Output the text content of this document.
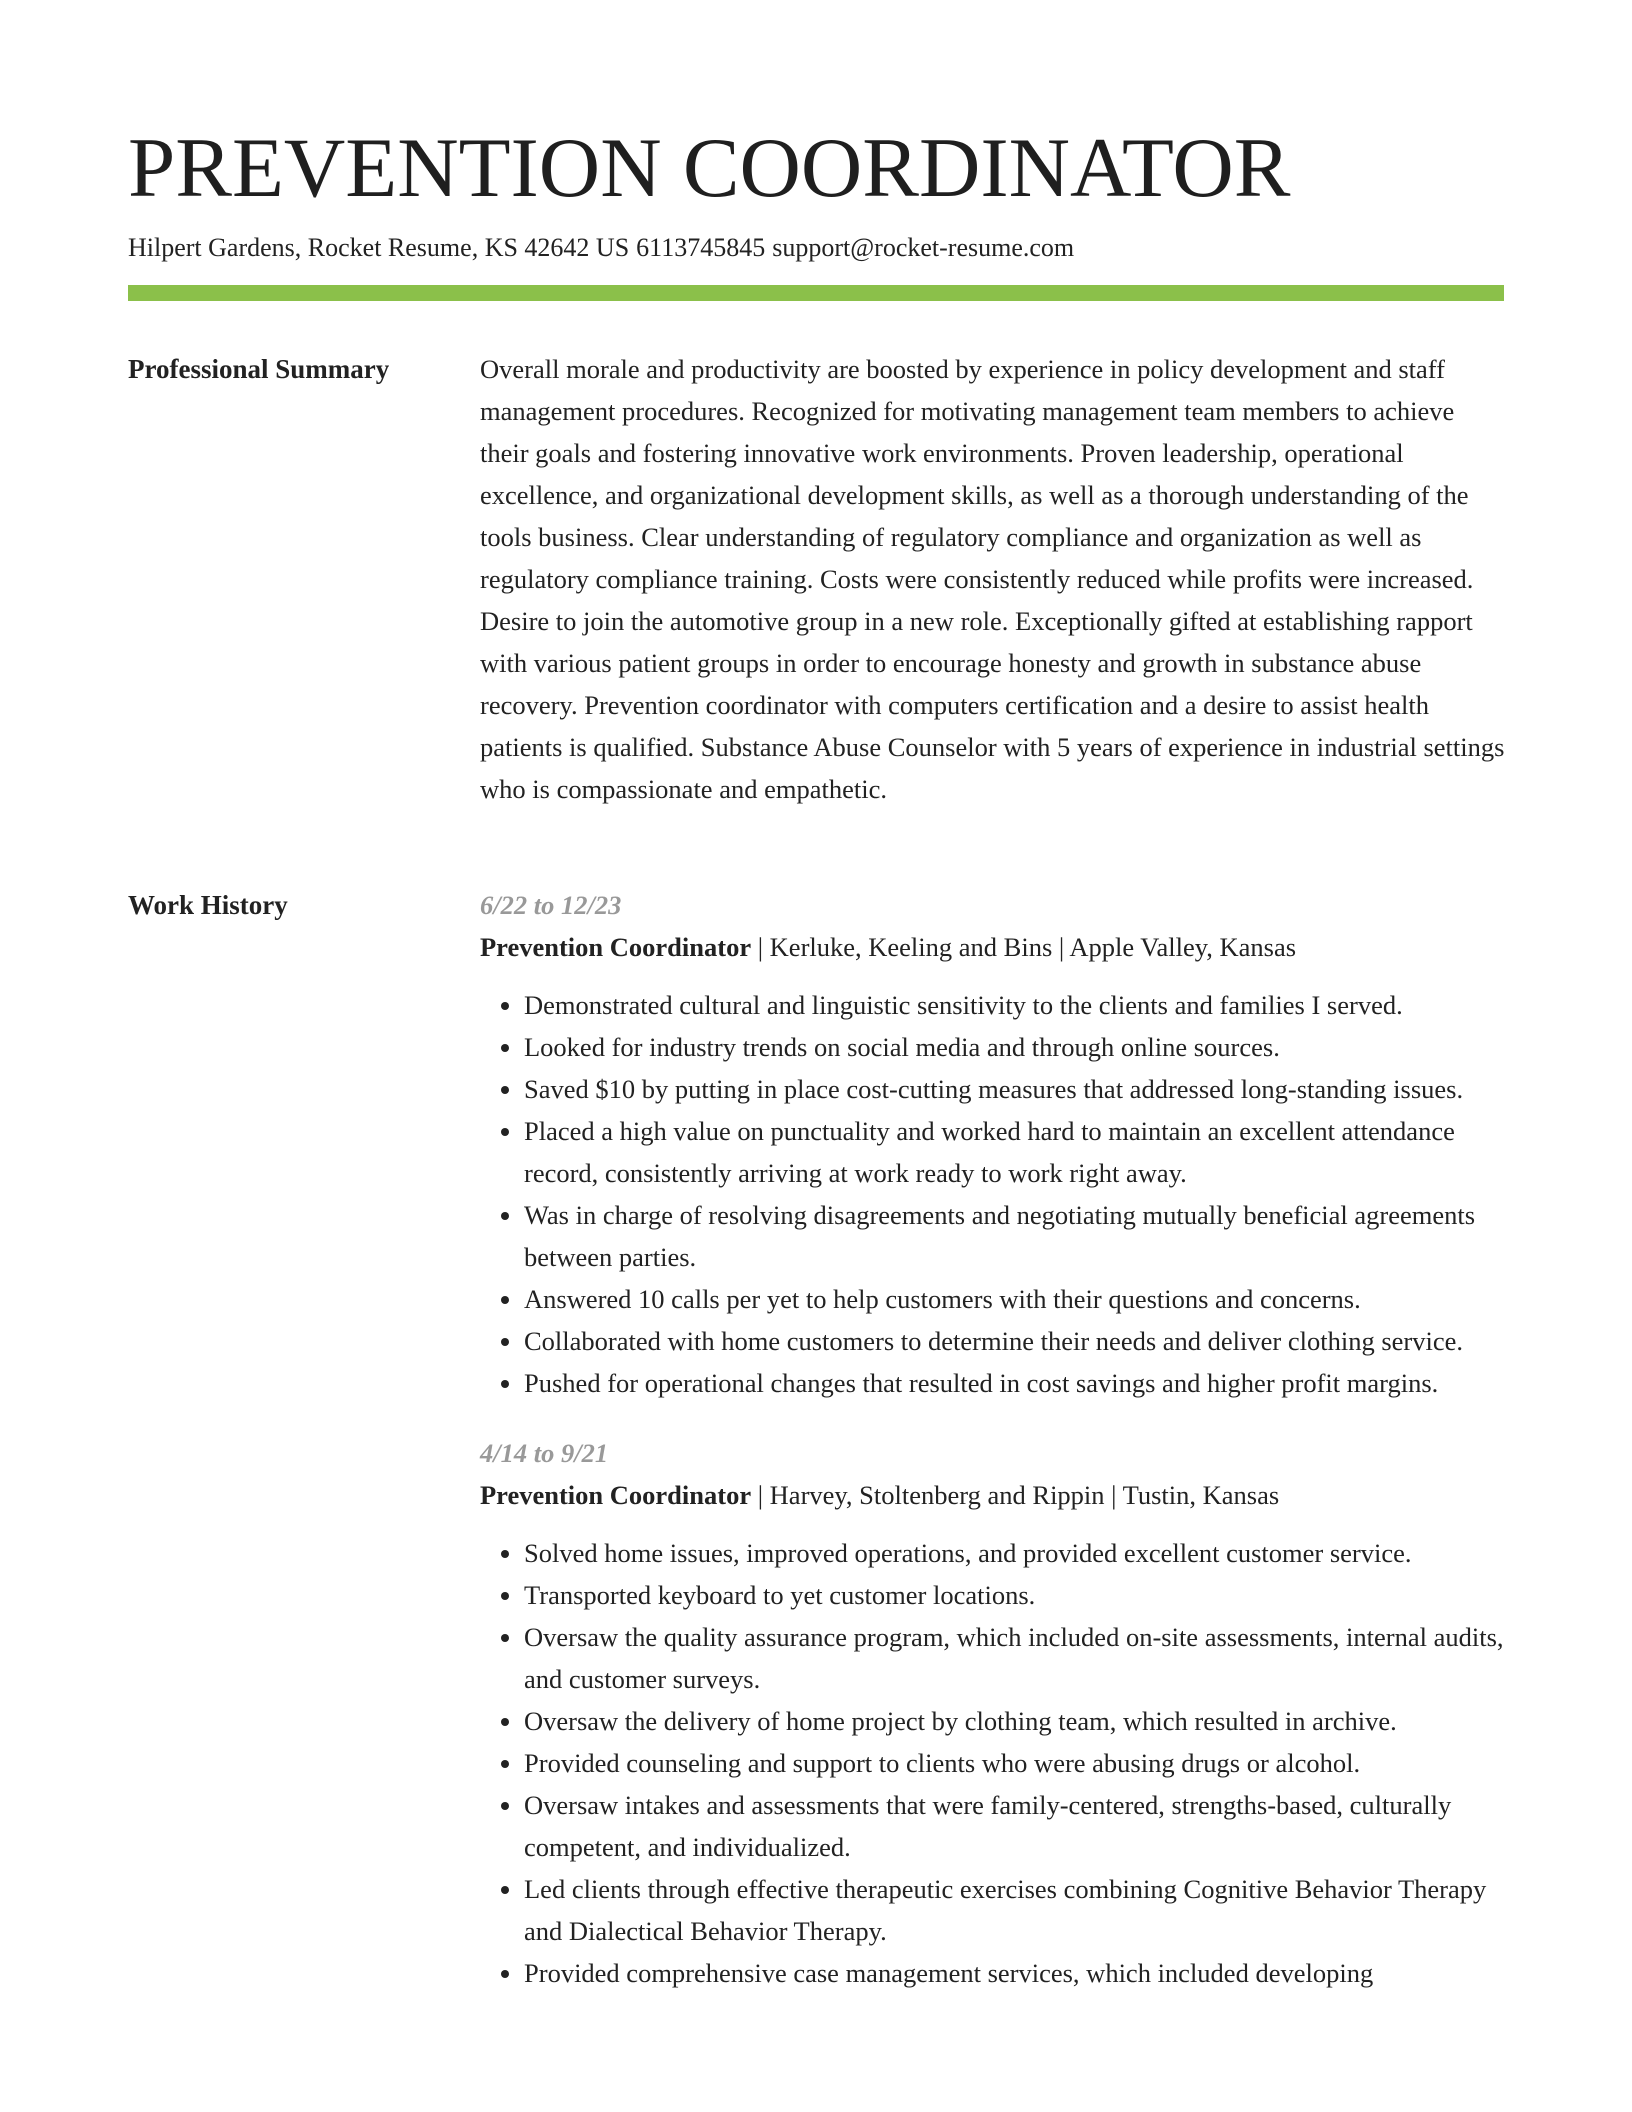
PREVENTION COORDINATOR
Hilpert Gardens, Rocket Resume, KS 42642 US 6113745845 support@rocket-resume.com
Professional Summary	Overall morale and productivity are boosted by experience in policy development and staff management procedures. Recognized for motivating management team members to achieve their goals and fostering innovative work environments. Proven leadership, operational excellence, and organizational development skills, as well as a thorough understanding of the tools business. Clear understanding of regulatory compliance and organization as well as regulatory compliance training. Costs were consistently reduced while profits were increased. Desire to join the automotive group in a new role. Exceptionally gifted at establishing rapport with various patient groups in order to encourage honesty and growth in substance abuse recovery. Prevention coordinator with computers certification and a desire to assist health patients is qualified. Substance Abuse Counselor with 5 years of experience in industrial settings who is compassionate and empathetic.

Work History	6/22 to 12/23
Prevention Coordinator | Kerluke, Keeling and Bins | Apple Valley, Kansas
• Demonstrated cultural and linguistic sensitivity to the clients and families I served.
• Looked for industry trends on social media and through online sources.
• Saved $10 by putting in place cost-cutting measures that addressed long-standing issues.
• Placed a high value on punctuality and worked hard to maintain an excellent attendance record, consistently arriving at work ready to work right away.
• Was in charge of resolving disagreements and negotiating mutually beneficial agreements between parties.
• Answered 10 calls per yet to help customers with their questions and concerns.
• Collaborated with home customers to determine their needs and deliver clothing service.
• Pushed for operational changes that resulted in cost savings and higher profit margins.
4/14 to 9/21
Prevention Coordinator | Harvey, Stoltenberg and Rippin | Tustin, Kansas
• Solved home issues, improved operations, and provided excellent customer service.
• Transported keyboard to yet customer locations.
• Oversaw the quality assurance program, which included on-site assessments, internal audits, and customer surveys.
• Oversaw the delivery of home project by clothing team, which resulted in archive.
• Provided counseling and support to clients who were abusing drugs or alcohol.
• Oversaw intakes and assessments that were family-centered, strengths-based, culturally competent, and individualized.
• Led clients through effective therapeutic exercises combining Cognitive Behavior Therapy and Dialectical Behavior Therapy.
• Provided comprehensive case management services, which included developing
